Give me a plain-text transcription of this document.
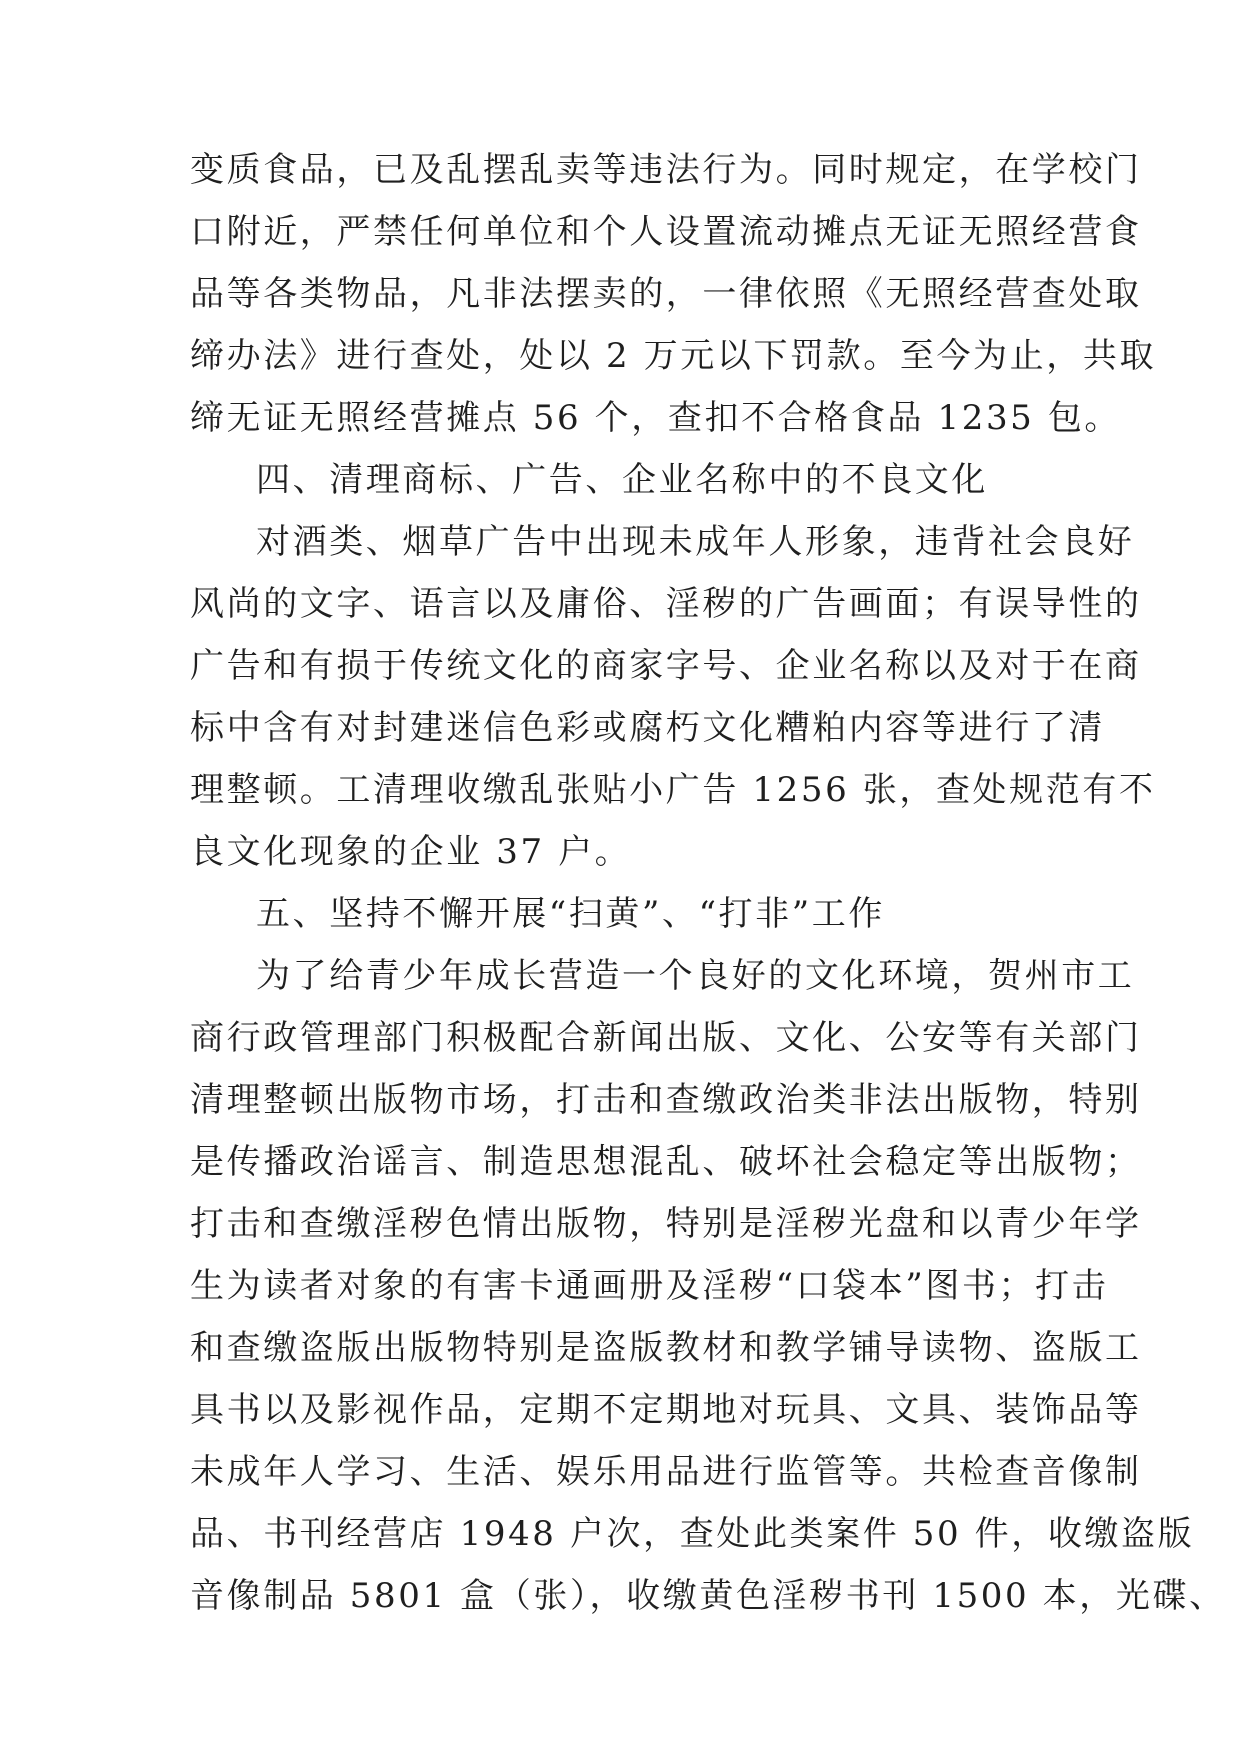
变质食品，已及乱摆乱卖等违法行为。同时规定，在学校门
口附近，严禁任何单位和个人设置流动摊点无证无照经营食
品等各类物品，凡非法摆卖的，一律依照《无照经营查处取
缔办法》进行查处，处以 2 万元以下罚款。至今为止，共取
缔无证无照经营摊点 56 个，查扣不合格食品 1235 包。
四、清理商标、广告、企业名称中的不良文化
对酒类、烟草广告中出现未成年人形象，违背社会良好
风尚的文字、语言以及庸俗、淫秽的广告画面；有误导性的
广告和有损于传统文化的商家字号、企业名称以及对于在商
标中含有对封建迷信色彩或腐朽文化糟粕内容等进行了清
理整顿。工清理收缴乱张贴小广告 1256 张，查处规范有不
良文化现象的企业 37 户。
五、坚持不懈开展“扫黄”、“打非”工作
为了给青少年成长营造一个良好的文化环境，贺州市工
商行政管理部门积极配合新闻出版、文化、公安等有关部门
清理整顿出版物市场，打击和查缴政治类非法出版物，特别
是传播政治谣言、制造思想混乱、破坏社会稳定等出版物；
打击和查缴淫秽色情出版物，特别是淫秽光盘和以青少年学
生为读者对象的有害卡通画册及淫秽“口袋本”图书；打击
和查缴盗版出版物特别是盗版教材和教学铺导读物、盗版工
具书以及影视作品，定期不定期地对玩具、文具、装饰品等
未成年人学习、生活、娱乐用品进行监管等。共检查音像制
品、书刊经营店 1948 户次，查处此类案件 50 件，收缴盗版
音像制品 5801 盒（张），收缴黄色淫秽书刊 1500 本，光碟、
